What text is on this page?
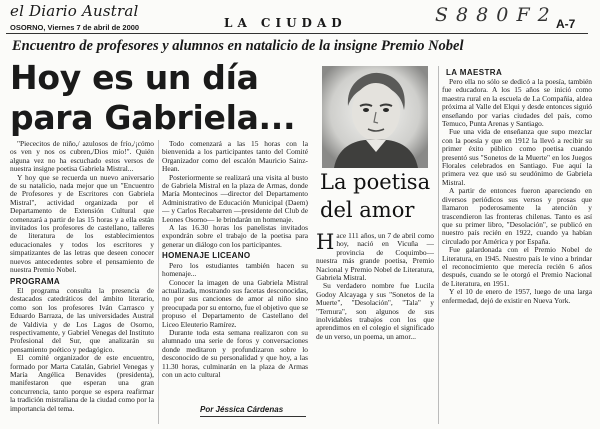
el Diario Austral
OSORNO, Viernes 7 de abril de 2000	LA CIUDAD	S 8 8 0 F 2 A-7
Encuentro de profesores y alumnos en natalicio de la insigne Premio Nobel
Hoy es un día
para Gabriela...

"Piececitos de niño,/ azulosos de frío,/¡cómo os ven y nos os cubren,/Dios mío!". Quién alguna vez no ha escuchado estos versos de nuestra insigne poetisa Gabriela Mistral...

Y hoy que se recuerda un nuevo aniversario de su natalicio, nada mejor que un "Encuentro de Profesores y de Escritores con Gabriela Mistral", actividad organizada por el Departamento de Extensión Cultural que comenzará a partir de las 15 horas y a ella están invitados los profesores de castellano, talleres de literatura de los establecimientos educacionales y todos los escritores y simpatizantes de las letras que deseen conocer nuevos antecedentes sobre el pensamiento de nuestra Premio Nobel.

PROGRAMA

El programa consulta la presencia de destacados catedráticos del ámbito literario, como son los profesores Iván Carrasco y Eduardo Barraza, de las universidades Austral de Valdivia y de Los Lagos de Osorno, respectivamente, y Gabriel Venegas del Instituto Profesional del Sur, que analizarán su pensamiento poético y pedagógico.

El comité organizador de este encuentro, formado por Marta Catalán, Gabriel Venegas y María Angélica Benavides (presidenta), manifestaron que esperan una gran concurrencia, tanto porque se espera reafirmar la tradición mistraliana de la ciudad como por la importancia del tema.

Todo comenzará a las 15 horas con la bienvenida a los participantes tanto del Comité Organizador como del escalón Mauricio Sainz-Hean.

Posteriormente se realizará una visita al busto de Gabriela Mistral en la plaza de Armas, donde María Montecinos —director del Departamento Administrativo de Educación Municipal (Daem)— y Carlos Recabarren —presidente del Club de Leones Osorno— le brindarán un homenaje.

A las 16.30 horas los panelistas invitados expondrán sobre el trabajo de la poetisa para generar un diálogo con los participantes.

HOMENAJE LICEANO

Pero los estudiantes también hacen su homenaje...

Conocer la imagen de una Gabriela Mistral actualizada, mostrando sus facetas desconocidas, no por sus canciones de amor al niño sino preocupada por su entorno, fue el objetivo que se propuso el Departamento de Castellano del Liceo Eleuterio Ramírez.

Durante toda esta semana realizaron con su alumnado una serie de foros y conversaciones donde meditaron y profundizaron sobre lo desconocido de su personalidad y que hoy, a las 11.30 horas, culminarán en la plaza de Armas con un acto cultural

Por Jéssica Cárdenas
La poetisa
del amor

Hace 111 años, un 7 de abril como hoy, nació en Vicuña —provincia de Coquimbo— nuestra más grande poetisa, Premio Nacional y Premio Nobel de Literatura, Gabriela Mistral.

Su verdadero nombre fue Lucila Godoy Alcayaga y sus "Sonetos de la Muerte", "Desolación", "Tala" y "Ternura", son algunos de sus inolvidables trabajos con los que aprendimos en el colegio el significado de un verso, un poema, un amor...

LA MAESTRA

Pero ella no sólo se dedicó a la poesía, también fue educadora. A los 15 años se inició como maestra rural en la escuela de La Compañía, aldea próxima al Valle del Elqui y desde entonces siguió enseñando por varias ciudades del país, como Temuco, Punta Arenas y Santiago.

Fue una vida de enseñanza que supo mezclar con la poesía y que en 1912 la llevó a recibir su primer éxito público como poetisa cuando presentó sus "Sonetos de la Muerte" en los Juegos Florales celebrados en Santiago. Fue aquí la primera vez que usó su seudónimo de Gabriela Mistral.

A partir de entonces fueron apareciendo en diversos periódicos sus versos y prosas que llamaron poderosamente la atención y trascendieron las fronteras chilenas. Tanto es así que su primer libro, "Desolación", se publicó en nuestro país recién en 1922, cuando ya habían circulado por América y por España.

Fue galardonada con el Premio Nobel de Literatura, en 1945. Nuestro país le vino a brindar el reconocimiento que merecía recién 6 años después, cuando se le otorgó el Premio Nacional de Literatura, en 1951.

Y el 10 de enero de 1957, luego de una larga enfermedad, dejó de existir en Nueva York.
